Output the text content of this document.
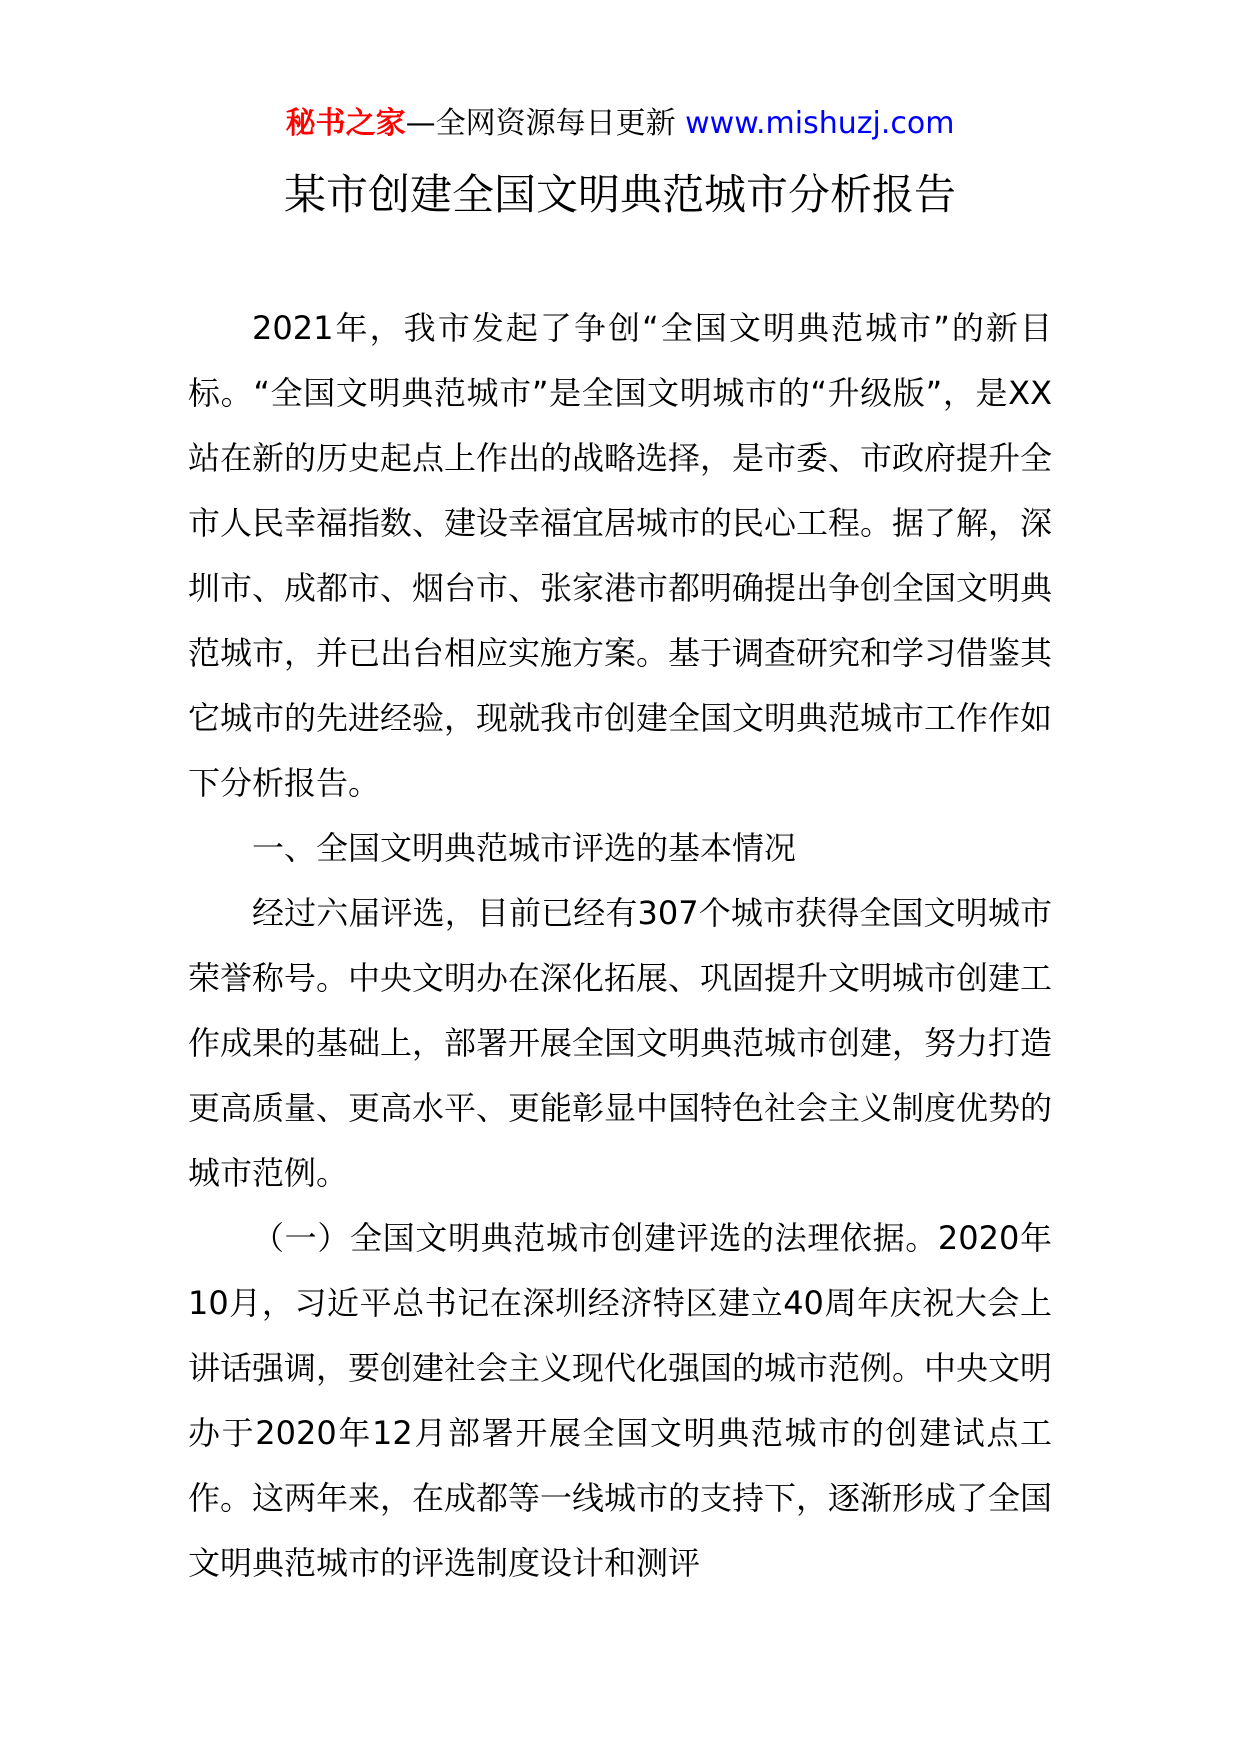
秘书之家—全网资源每日更新 www.mishuzj.com
某市创建全国文明典范城市分析报告

2021年，我市发起了争创“全国文明典范城市”的新目标。“全国文明典范城市”是全国文明城市的“升级版”，是XX站在新的历史起点上作出的战略选择，是市委、市政府提升全市人民幸福指数、建设幸福宜居城市的民心工程。据了解，深圳市、成都市、烟台市、张家港市都明确提出争创全国文明典范城市，并已出台相应实施方案。基于调查研究和学习借鉴其它城市的先进经验，现就我市创建全国文明典范城市工作作如下分析报告。

一、全国文明典范城市评选的基本情况

经过六届评选，目前已经有307个城市获得全国文明城市荣誉称号。中央文明办在深化拓展、巩固提升文明城市创建工作成果的基础上，部署开展全国文明典范城市创建，努力打造更高质量、更高水平、更能彰显中国特色社会主义制度优势的城市范例。

（一）全国文明典范城市创建评选的法理依据。2020年10月，习近平总书记在深圳经济特区建立40周年庆祝大会上讲话强调，要创建社会主义现代化强国的城市范例。中央文明办于2020年12月部署开展全国文明典范城市的创建试点工作。这两年来，在成都等一线城市的支持下，逐渐形成了全国文明典范城市的评选制度设计和测评
